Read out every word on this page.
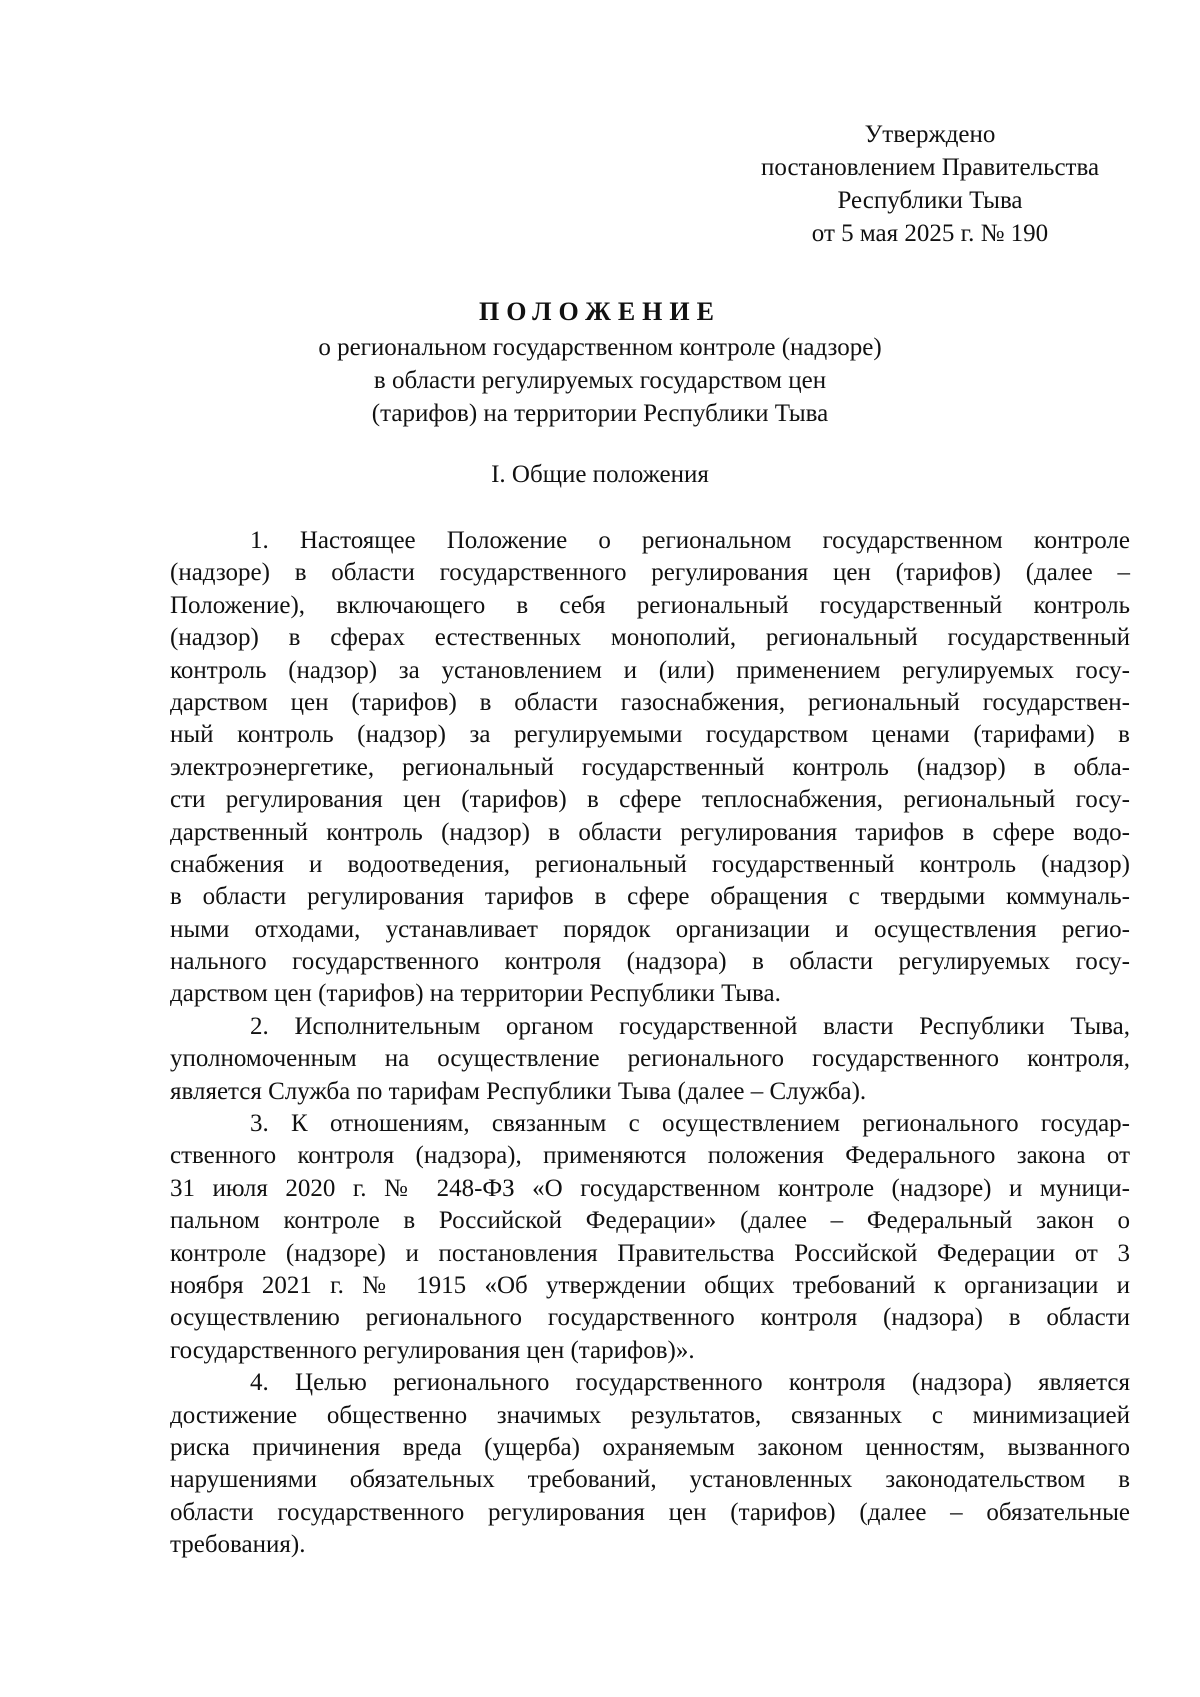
Утверждено
постановлением Правительства
Республики Тыва
от 5 мая 2025 г. № 190
ПОЛОЖЕНИЕ
о региональном государственном контроле (надзоре)
в области регулируемых государством цен
(тарифов) на территории Республики Тыва
I. Общие положения
1. Настоящее Положение о региональном государственном контроле
(надзоре) в области государственного регулирования цен (тарифов) (далее –
Положение), включающего в себя региональный государственный контроль
(надзор) в сферах естественных монополий, региональный государственный
контроль (надзор) за установлением и (или) применением регулируемых госу-
дарством цен (тарифов) в области газоснабжения, региональный государствен-
ный контроль (надзор) за регулируемыми государством ценами (тарифами) в
электроэнергетике, региональный государственный контроль (надзор) в обла-
сти регулирования цен (тарифов) в сфере теплоснабжения, региональный госу-
дарственный контроль (надзор) в области регулирования тарифов в сфере водо-
снабжения и водоотведения, региональный государственный контроль (надзор)
в области регулирования тарифов в сфере обращения с твердыми коммуналь-
ными отходами, устанавливает порядок организации и осуществления регио-
нального государственного контроля (надзора) в области регулируемых госу-
дарством цен (тарифов) на территории Республики Тыва.
2. Исполнительным органом государственной власти Республики Тыва,
уполномоченным на осуществление регионального государственного контроля,
является Служба по тарифам Республики Тыва (далее – Служба).
3. К отношениям, связанным с осуществлением регионального государ-
ственного контроля (надзора), применяются положения Федерального закона от
31 июля 2020 г. № 248-ФЗ «О государственном контроле (надзоре) и муници-
пальном контроле в Российской Федерации» (далее – Федеральный закон о
контроле (надзоре) и постановления Правительства Российской Федерации от 3
ноября 2021 г. № 1915 «Об утверждении общих требований к организации и
осуществлению регионального государственного контроля (надзора) в области
государственного регулирования цен (тарифов)».
4. Целью регионального государственного контроля (надзора) является
достижение общественно значимых результатов, связанных с минимизацией
риска причинения вреда (ущерба) охраняемым законом ценностям, вызванного
нарушениями обязательных требований, установленных законодательством в
области государственного регулирования цен (тарифов) (далее – обязательные
требования).
